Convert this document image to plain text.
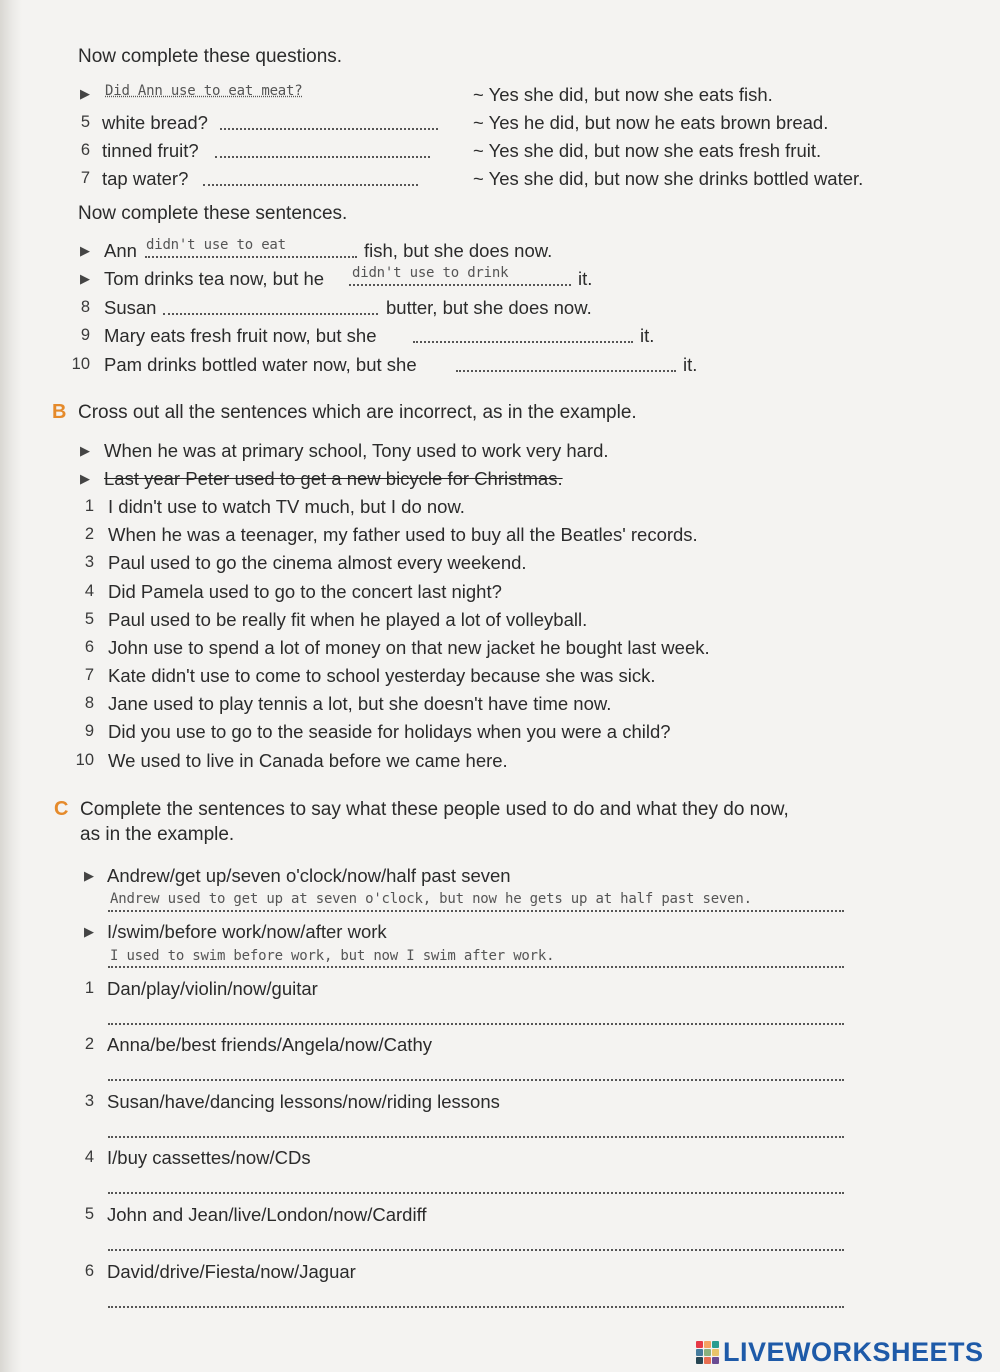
Now complete these questions.
▶ Did Ann use to eat meat?	~ Yes she did, but now she eats fish.
5 white bread?	~ Yes he did, but now he eats brown bread.
6 tinned fruit?	~ Yes she did, but now she eats fresh fruit.
7 tap water?	~ Yes she did, but now she drinks bottled water.
Now complete these sentences.
▶ Ann didn't use to eat	fish, but she does now.
▶ Tom drinks tea now, but he didn't use to drink	it.
8 Susan	butter, but she does now.
9 Mary eats fresh fruit now, but she	it.
10 Pam drinks bottled water now, but she	it.
B Cross out all the sentences which are incorrect, as in the example.
▶ When he was at primary school, Tony used to work very hard.
▶ Last year Peter used to get a new bicycle for Christmas.
1 I didn't use to watch TV much, but I do now.
2 When he was a teenager, my father used to buy all the Beatles' records.
3 Paul used to go the cinema almost every weekend.
4 Did Pamela used to go to the concert last night?
5 Paul used to be really fit when he played a lot of volleyball.
6 John use to spend a lot of money on that new jacket he bought last week.
7 Kate didn't use to come to school yesterday because she was sick.
8 Jane used to play tennis a lot, but she doesn't have time now.
9 Did you use to go to the seaside for holidays when you were a child?
10 We used to live in Canada before we came here.
C Complete the sentences to say what these people used to do and what they do now,
as in the example.
▶ Andrew/get up/seven o'clock/now/half past seven
Andrew used to get up at seven o'clock, but now he gets up at half past seven.
▶ I/swim/before work/now/after work
I used to swim before work, but now I swim after work.
1 Dan/play/violin/now/guitar
2 Anna/be/best friends/Angela/now/Cathy
3 Susan/have/dancing lessons/now/riding lessons
4 I/buy cassettes/now/CDs
5 John and Jean/live/London/now/Cardiff
6 David/drive/Fiesta/now/Jaguar
LIVEWORKSHEETS
